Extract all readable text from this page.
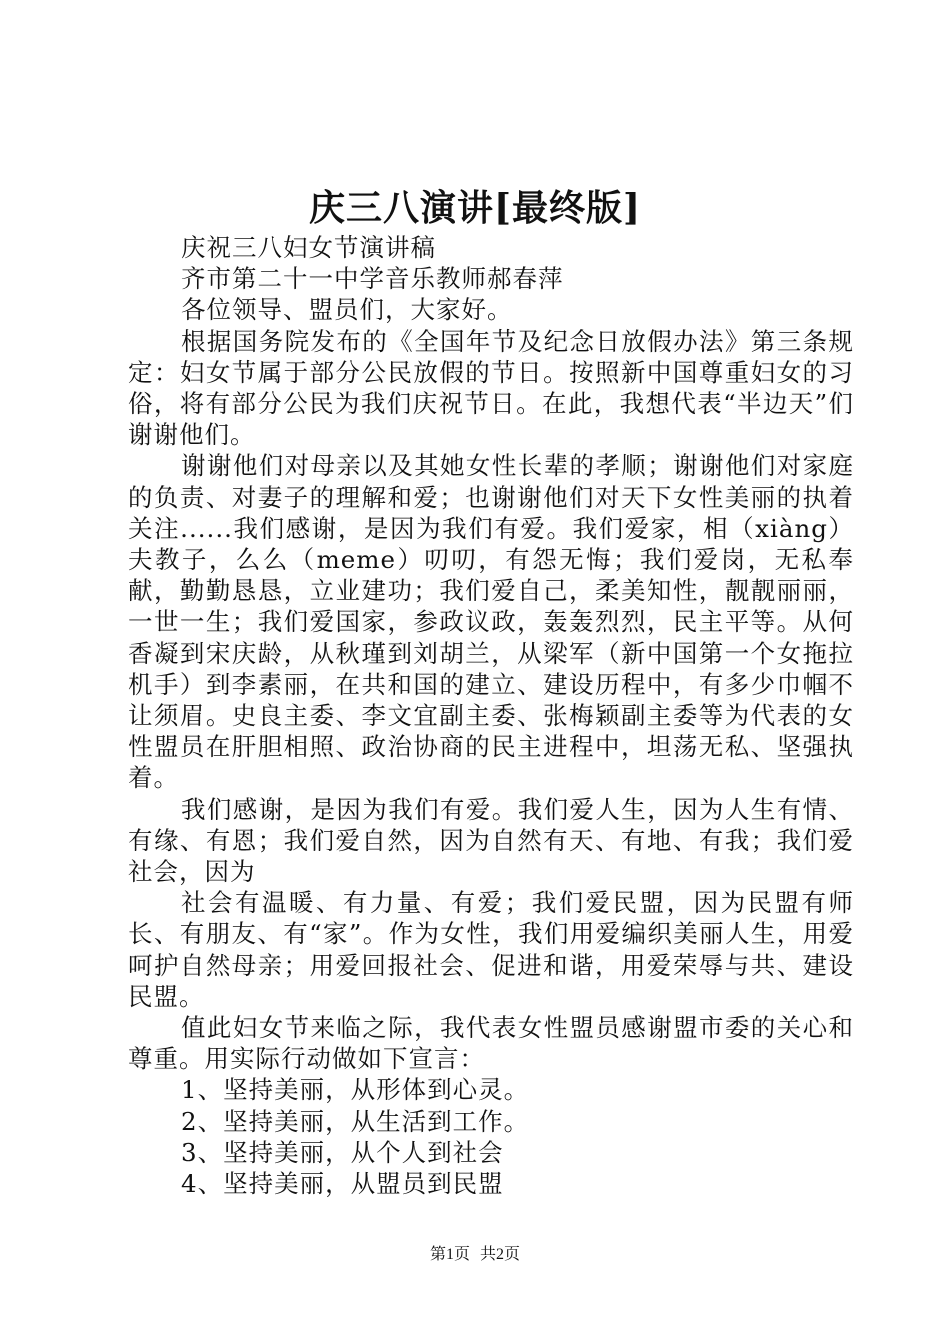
庆三八演讲[最终版]

庆祝三八妇女节演讲稿

齐市第二十一中学音乐教师郝春萍

各位领导、盟员们，大家好。

根据国务院发布的《全国年节及纪念日放假办法》第三条规定：妇女节属于部分公民放假的节日。按照新中国尊重妇女的习俗，将有部分公民为我们庆祝节日。在此，我想代表“半边天”们谢谢他们。

谢谢他们对母亲以及其她女性长辈的孝顺；谢谢他们对家庭的负责、对妻子的理解和爱；也谢谢他们对天下女性美丽的执着关注......我们感谢，是因为我们有爱。我们爱家，相（xiàng）夫教子，么么（meme）叨叨，有怨无悔；我们爱岗，无私奉献，勤勤恳恳，立业建功；我们爱自己，柔美知性，靓靓丽丽，一世一生；我们爱国家，参政议政，轰轰烈烈，民主平等。从何香凝到宋庆龄，从秋瑾到刘胡兰，从梁军（新中国第一个女拖拉机手）到李素丽，在共和国的建立、建设历程中，有多少巾帼不让须眉。史良主委、李文宜副主委、张梅颖副主委等为代表的女性盟员在肝胆相照、政治协商的民主进程中，坦荡无私、坚强执着。

我们感谢，是因为我们有爱。我们爱人生，因为人生有情、有缘、有恩；我们爱自然，因为自然有天、有地、有我；我们爱社会，因为

社会有温暖、有力量、有爱；我们爱民盟，因为民盟有师长、有朋友、有“家”。作为女性，我们用爱编织美丽人生，用爱呵护自然母亲；用爱回报社会、促进和谐，用爱荣辱与共、建设民盟。

值此妇女节来临之际，我代表女性盟员感谢盟市委的关心和尊重。用实际行动做如下宣言：

1、坚持美丽，从形体到心灵。

2、坚持美丽，从生活到工作。

3、坚持美丽，从个人到社会

4、坚持美丽，从盟员到民盟

第1页 共2页
